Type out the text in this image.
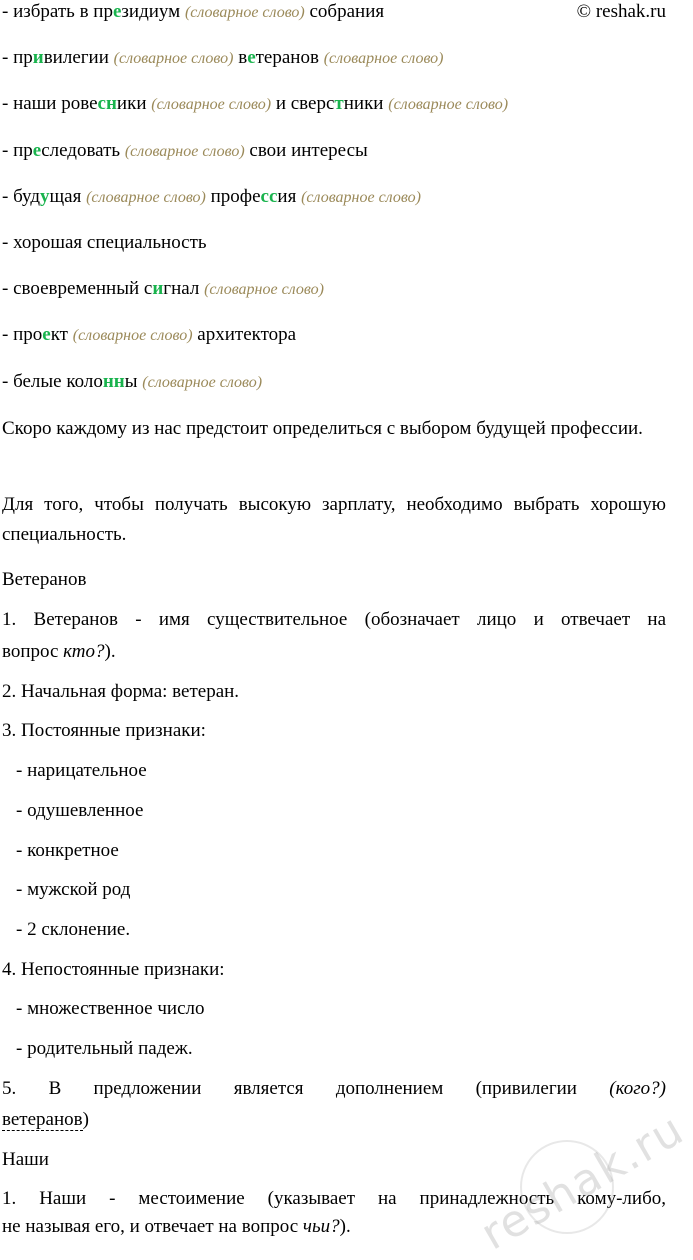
© reshak.ru
- избрать в президиум (словарное слово) собрания
- привилегии (словарное слово) ветеранов (словарное слово)
- наши ровесники (словарное слово) и сверстники (словарное слово)
- преследовать (словарное слово) свои интересы
- будущая (словарное слово) профессия (словарное слово)
- хорошая специальность
- своевременный сигнал (словарное слово)
- проект (словарное слово) архитектора
- белые колонны (словарное слово)
Скоро каждому из нас предстоит определиться с выбором будущей профессии.
Для того, чтобы получать высокую зарплату, необходимо выбрать хорошую специальность.
Ветеранов
1. Ветеранов - имя существительное (обозначает лицо и отвечает на
вопрос кто?).
2. Начальная форма: ветеран.
3. Постоянные признаки:
- нарицательное
- одушевленное
- конкретное
- мужской род
- 2 склонение.
4. Непостоянные признаки:
- множественное число
- родительный падеж.
5. В предложении является дополнением (привилегии (кого?)
ветеранов)
Наши
1. Наши - местоимение (указывает на принадлежность кому-либо,
не называя его, и отвечает на вопрос чьи?).	reshak.ru
